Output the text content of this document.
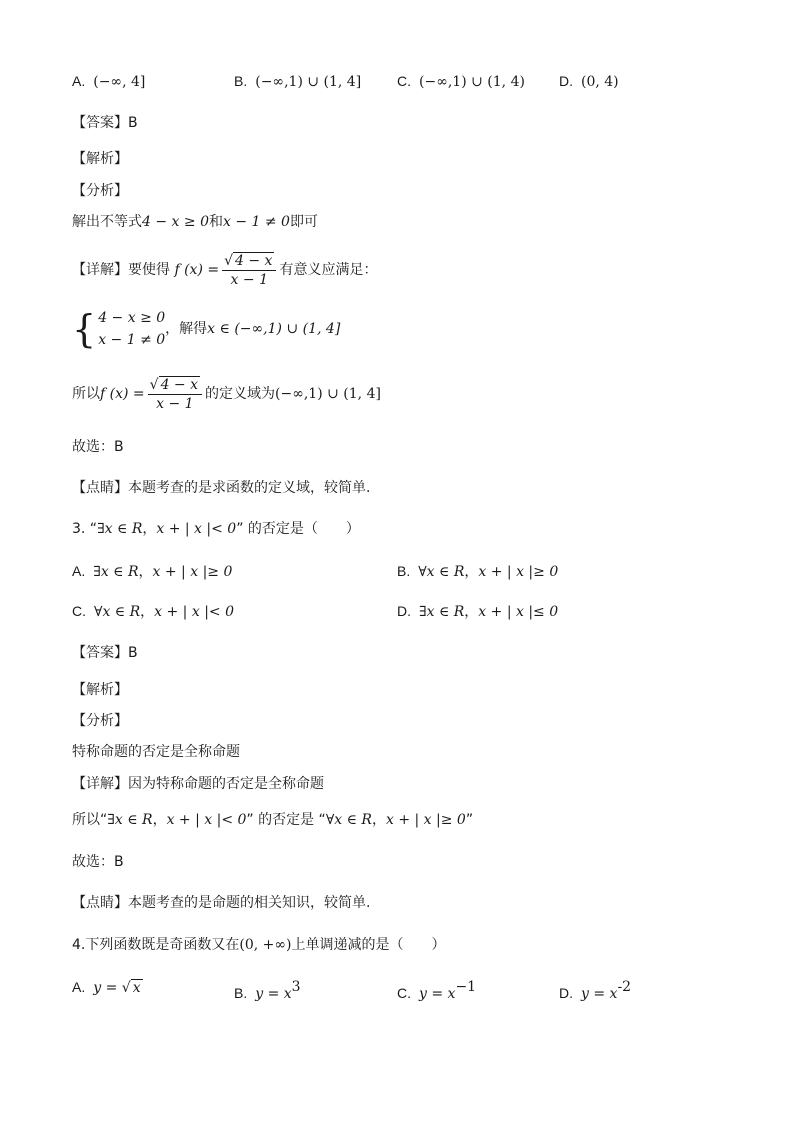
A. (−∞, 4]	B. (−∞,1) ∪ (1, 4]	C. (−∞,1) ∪ (1, 4) D. (0, 4)
【答案】B
【解析】
【分析】
解出不等式4 − x ≥ 0和x − 1 ≠ 0即可
【详解】要使得 f $(x) = \frac{√ 4 - x}{x - 1}$ 有意义应满足：
{ 4 − x ≥ 0
x − 1 ≠ 0
，解得x ∈ (−∞,1) ∪ (1, 4]
所以f $(x) = \frac{√ 4 - x}{x - 1}$ 的定义域为(−∞,1) ∪ (1, 4]
故选：B
【点睛】本题考查的是求函数的定义域，较简单.
3. “∃x ∈ R，x + | x |< 0” 的否定是（　　）
A. ∃x ∈ R，x + | x |≥ 0	B. ∀x ∈ R，x + | x |≥ 0
C. ∀x ∈ R，x + | x |< 0	D. ∃x ∈ R，x + | x |≤ 0
【答案】B
【解析】
【分析】
特称命题的否定是全称命题
【详解】因为特称命题的否定是全称命题
所以“∃x ∈ R，x + | x |< 0” 的否定是 “∀x ∈ R，x + | x |≥ 0”
故选：B
【点睛】本题考查的是命题的相关知识，较简单.
4.下列函数既是奇函数又在(0, +∞)上单调递减的是（　　）
A. y = √ x	B. $y = x^3$	C. $y = x^{-1}$	D. $y = x^{-2}$
